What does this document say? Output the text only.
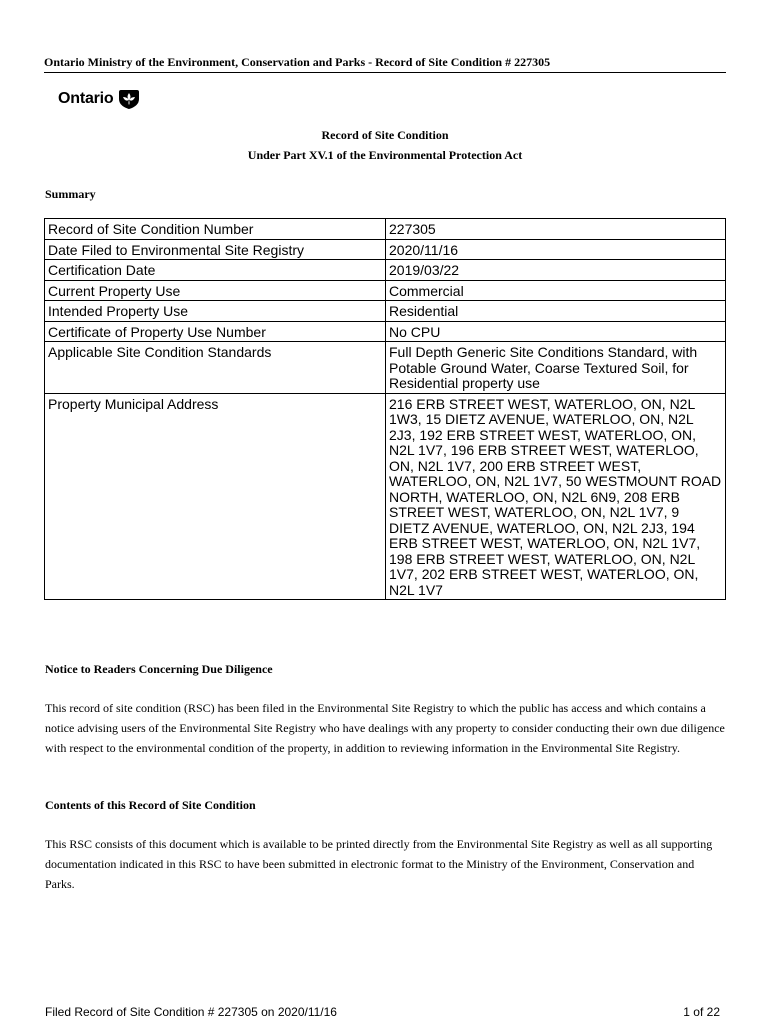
Ontario Ministry of the Environment, Conservation and Parks - Record of Site Condition # 227305
Ontario
Record of Site Condition
Under Part XV.1 of the Environmental Protection Act
Summary
Record of Site Condition Number	227305
Date Filed to Environmental Site Registry	2020/11/16
Certification Date	2019/03/22
Current Property Use	Commercial
Intended Property Use	Residential
Certificate of Property Use Number	No CPU
Applicable Site Condition Standards	Full Depth Generic Site Conditions Standard, with Potable Ground Water, Coarse Textured Soil, for Residential property use
Property Municipal Address	216 ERB STREET WEST, WATERLOO, ON, N2L 1W3, 15 DIETZ AVENUE, WATERLOO, ON, N2L 2J3, 192 ERB STREET WEST, WATERLOO, ON, N2L 1V7, 196 ERB STREET WEST, WATERLOO, ON, N2L 1V7, 200 ERB STREET WEST, WATERLOO, ON, N2L 1V7, 50 WESTMOUNT ROAD NORTH, WATERLOO, ON, N2L 6N9, 208 ERB STREET WEST, WATERLOO, ON, N2L 1V7, 9 DIETZ AVENUE, WATERLOO, ON, N2L 2J3, 194 ERB STREET WEST, WATERLOO, ON, N2L 1V7, 198 ERB STREET WEST, WATERLOO, ON, N2L 1V7, 202 ERB STREET WEST, WATERLOO, ON, N2L 1V7
Notice to Readers Concerning Due Diligence
This record of site condition (RSC) has been filed in the Environmental Site Registry to which the public has access and which contains a notice advising users of the Environmental Site Registry who have dealings with any property to consider conducting their own due diligence with respect to the environmental condition of the property, in addition to reviewing information in the Environmental Site Registry.
Contents of this Record of Site Condition
This RSC consists of this document which is available to be printed directly from the Environmental Site Registry as well as all supporting documentation indicated in this RSC to have been submitted in electronic format to the Ministry of the Environment, Conservation and Parks.
Filed Record of Site Condition # 227305 on 2020/11/16	1 of 22
